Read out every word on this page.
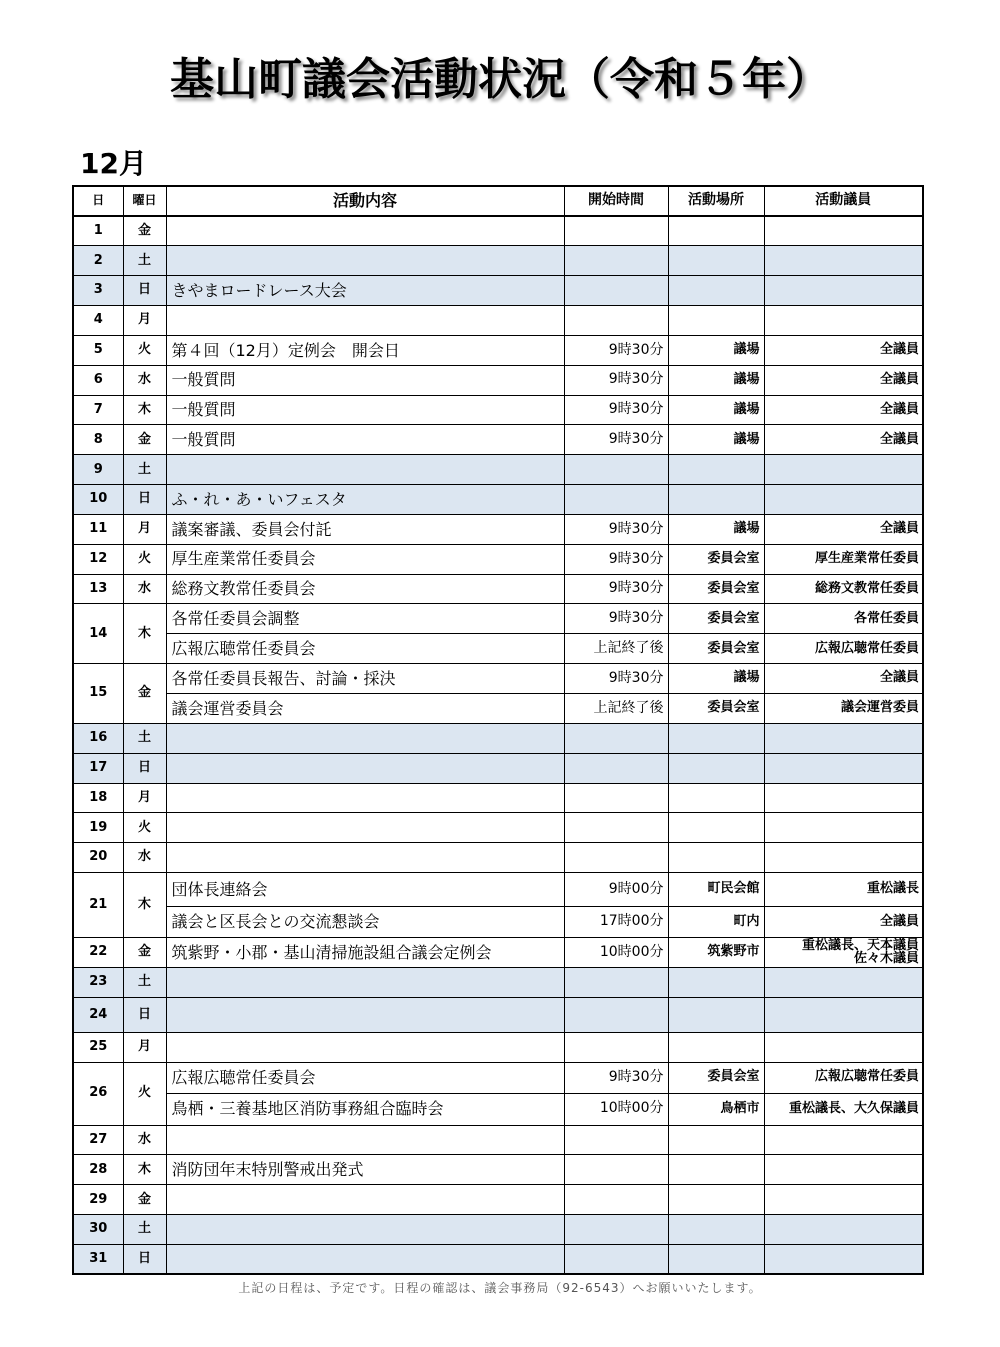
基山町議会活動状況（令和５年）
12月
日	曜日	活動内容	開始時間	活動場所	活動議員
1	金				
2	土				
3	日	きやまロードレース大会			
4	月				
5	火	第４回（12月）定例会　開会日	9時30分	議場	全議員
6	水	一般質問	9時30分	議場	全議員
7	木	一般質問	9時30分	議場	全議員
8	金	一般質問	9時30分	議場	全議員
9	土				
10	日	ふ・れ・あ・いフェスタ			
11	月	議案審議、委員会付託	9時30分	議場	全議員
12	火	厚生産業常任委員会	9時30分	委員会室	厚生産業常任委員
13	水	総務文教常任委員会	9時30分	委員会室	総務文教常任委員
14	木	各常任委員会調整	9時30分	委員会室	各常任委員
		広報広聴常任委員会	上記終了後	委員会室	広報広聴常任委員
15	金	各常任委員長報告、討論・採決	9時30分	議場	全議員
		議会運営委員会	上記終了後	委員会室	議会運営委員
16	土				
17	日				
18	月				
19	火				
20	水				
21	木	団体長連絡会	9時00分	町民会館	重松議長
		議会と区長会との交流懇談会	17時00分	町内	全議員
22	金	筑紫野・小郡・基山清掃施設組合議会定例会	10時00分	筑紫野市	重松議長、天本議員
佐々木議員
23	土				
24	日				
25	月				
26	火	広報広聴常任委員会	9時30分	委員会室	広報広聴常任委員
		鳥栖・三養基地区消防事務組合臨時会	10時00分	鳥栖市	重松議長、大久保議員
27	水				
28	木	消防団年末特別警戒出発式			
29	金				
30	土				
31	日				

上記の日程は、予定です。日程の確認は、議会事務局（92-6543）へお願いいたします。
